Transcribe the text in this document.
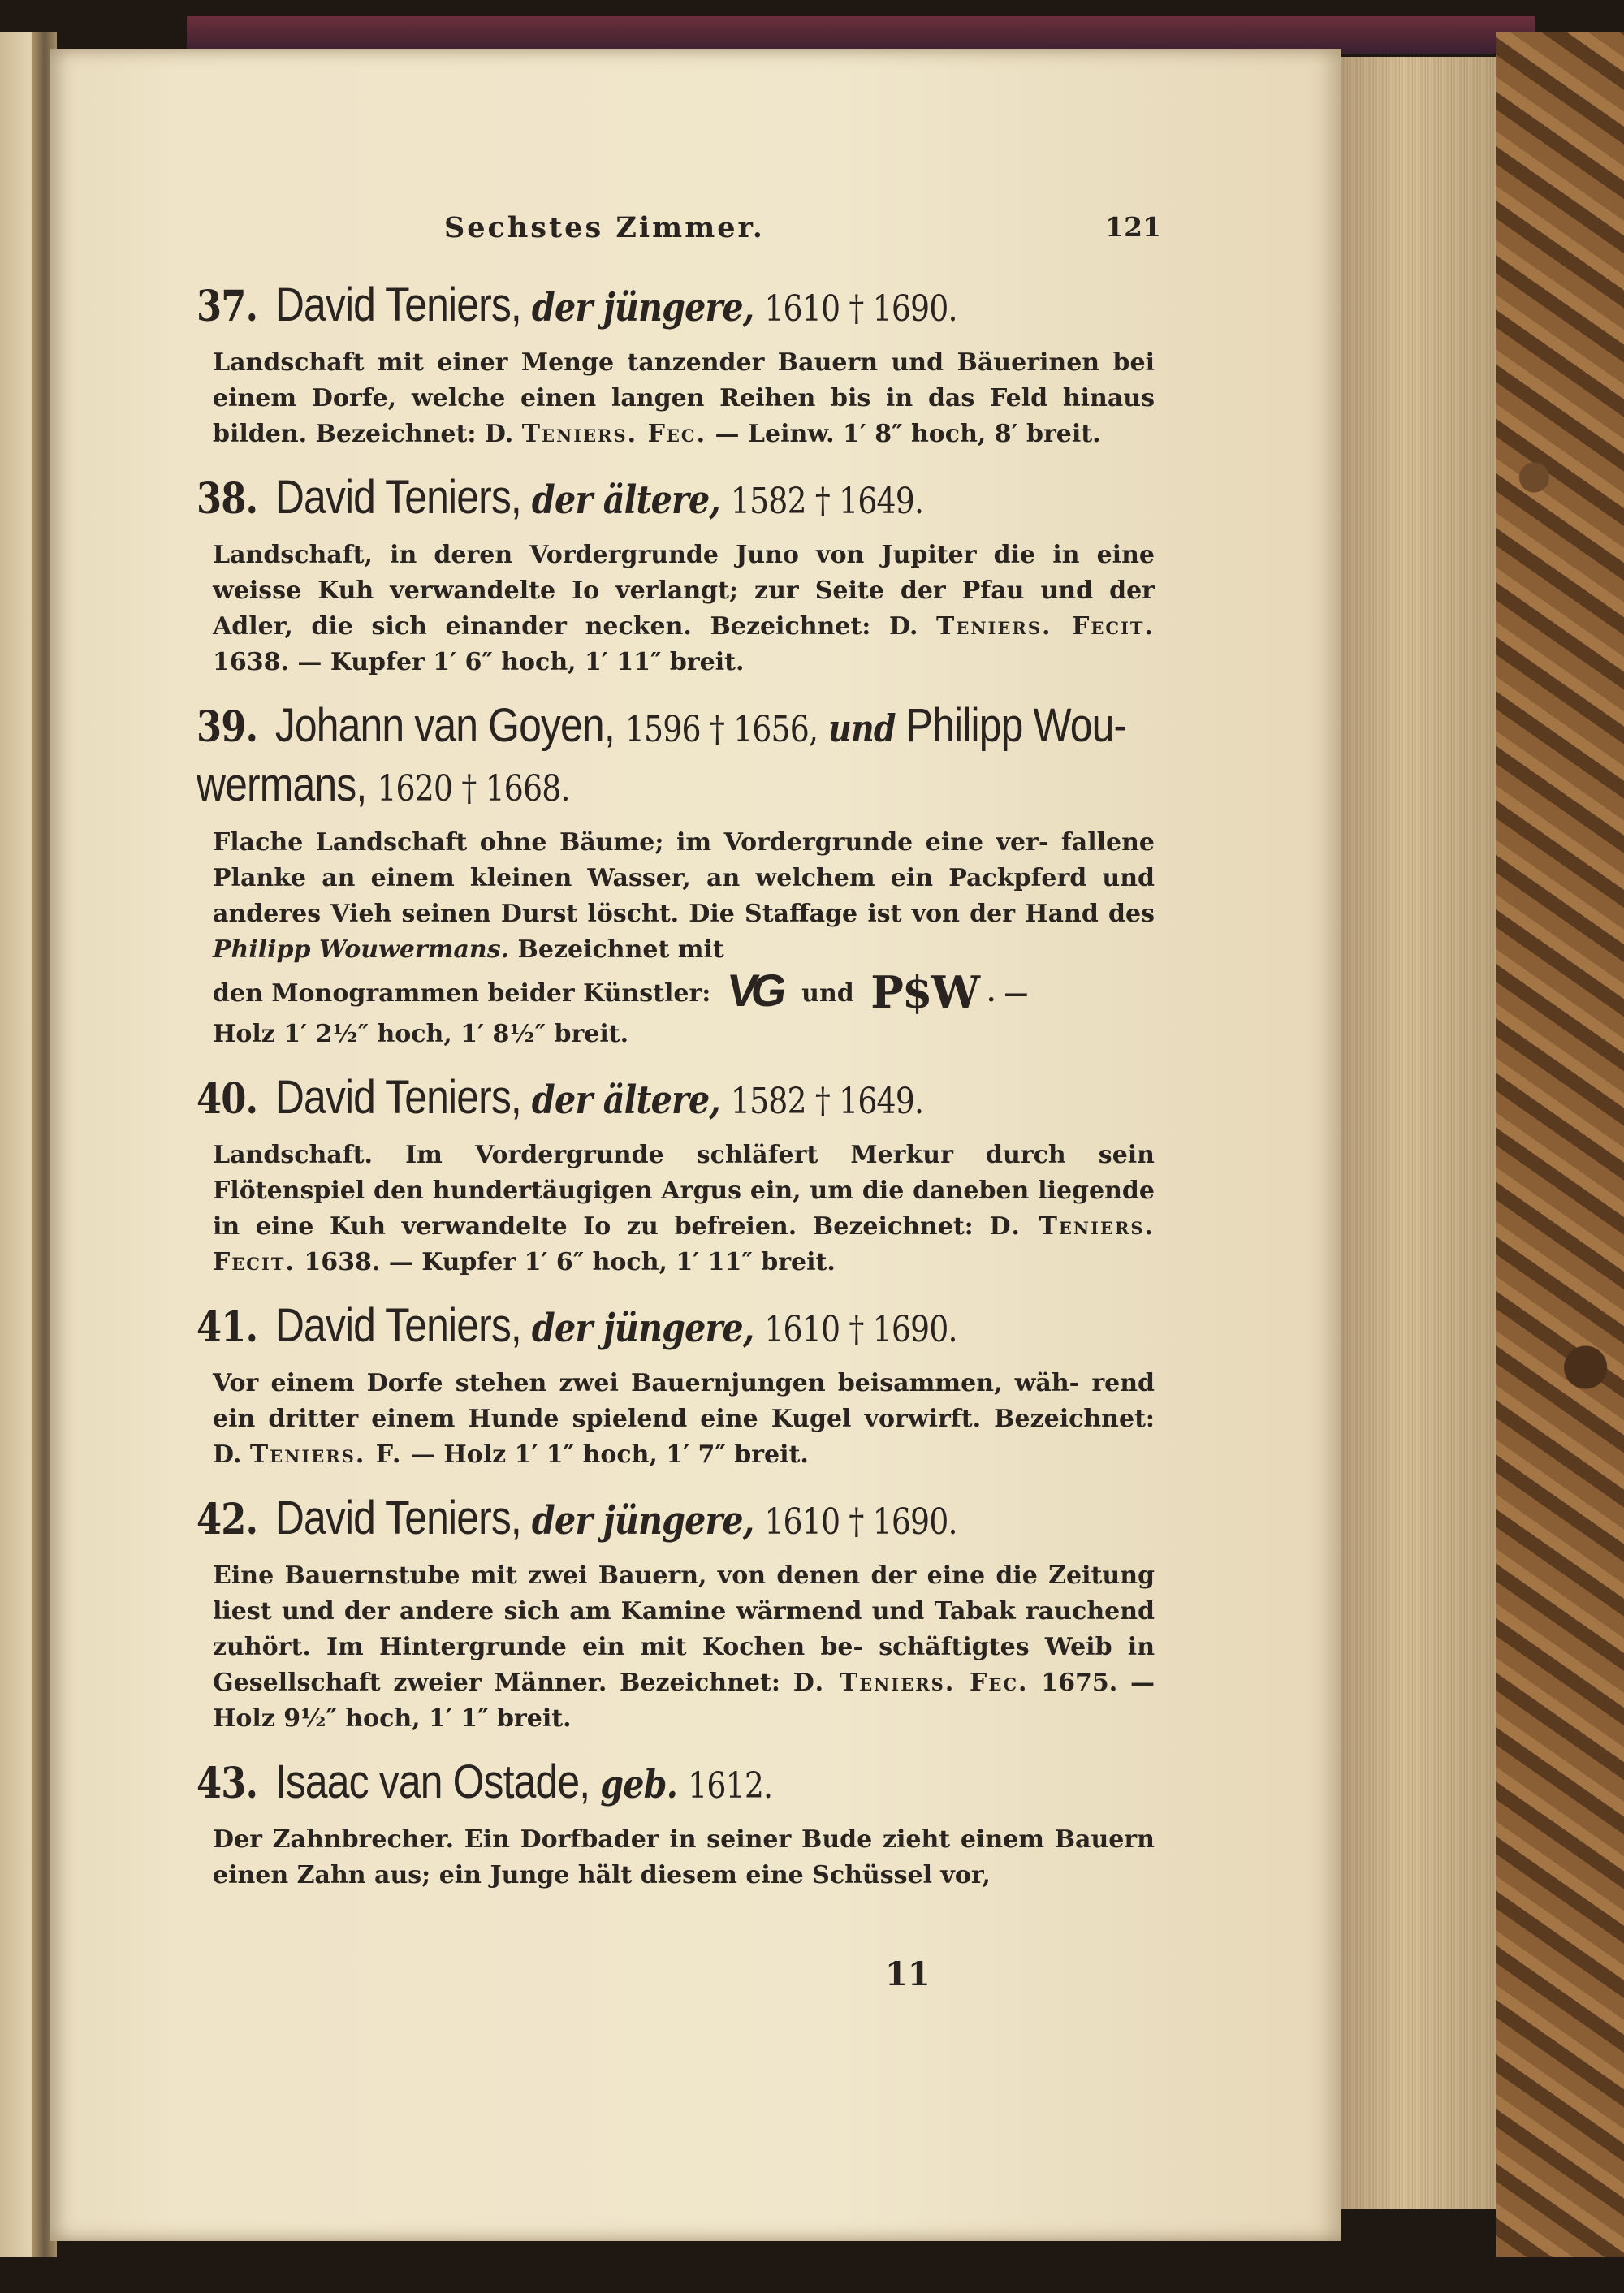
Sechstes Zimmer.	121
37. David Teniers, der jüngere, 1610 † 1690.
Landschaft mit einer Menge tanzender Bauern und Bäuerinen bei einem Dorfe, welche einen langen Reihen bis in das Feld hinaus bilden. Bezeichnet: D. Teniers. Fec. — Leinw. 1′ 8″ hoch, 8′ breit.
38. David Teniers, der ältere, 1582 † 1649.
Landschaft, in deren Vordergrunde Juno von Jupiter die in eine weisse Kuh verwandelte Io verlangt; zur Seite der Pfau und der Adler, die sich einander necken. Bezeichnet: D. Teniers. Fecit. 1638. — Kupfer 1′ 6″ hoch, 1′ 11″ breit.
39. Johann van Goyen, 1596 † 1656, und Philipp Wou-
wermans, 1620 † 1668.
Flache Landschaft ohne Bäume; im Vordergrunde eine ver- fallene Planke an einem kleinen Wasser, an welchem ein Packpferd und anderes Vieh seinen Durst löscht. Die Staffage ist von der Hand des Philipp Wouwermans. Bezeichnet mit
den Monogrammen beider Künstler: VG und P$W . —
Holz 1′ 2½″ hoch, 1′ 8½″ breit.
40. David Teniers, der ältere, 1582 † 1649.
Landschaft. Im Vordergrunde schläfert Merkur durch sein Flötenspiel den hundertäugigen Argus ein, um die daneben liegende in eine Kuh verwandelte Io zu befreien. Bezeichnet: D. Teniers. Fecit. 1638. — Kupfer 1′ 6″ hoch, 1′ 11″ breit.
41. David Teniers, der jüngere, 1610 † 1690.
Vor einem Dorfe stehen zwei Bauernjungen beisammen, wäh- rend ein dritter einem Hunde spielend eine Kugel vorwirft. Bezeichnet: D. Teniers. F. — Holz 1′ 1″ hoch, 1′ 7″ breit.
42. David Teniers, der jüngere, 1610 † 1690.
Eine Bauernstube mit zwei Bauern, von denen der eine die Zeitung liest und der andere sich am Kamine wärmend und Tabak rauchend zuhört. Im Hintergrunde ein mit Kochen be- schäftigtes Weib in Gesellschaft zweier Männer. Bezeichnet: D. Teniers. Fec. 1675. — Holz 9½″ hoch, 1′ 1″ breit.
43. Isaac van Ostade, geb. 1612.
Der Zahnbrecher. Ein Dorfbader in seiner Bude zieht einem Bauern einen Zahn aus; ein Junge hält diesem eine Schüssel vor,
11
